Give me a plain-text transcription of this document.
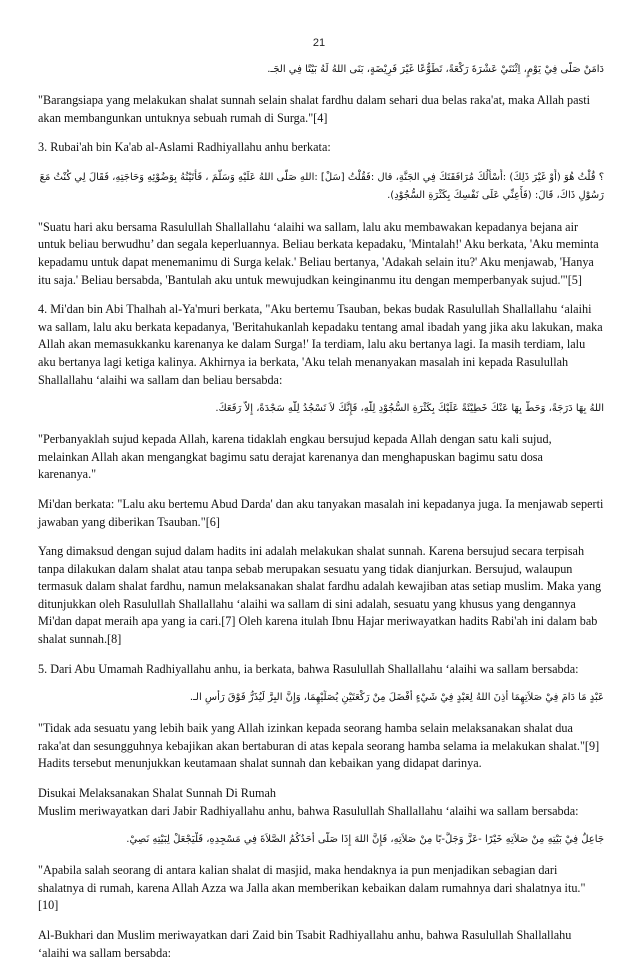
21
دَامَنْ صَلَّى فِيْ يَوْمٍ، اِثْنَتَيْ عَشْرَةَ رَكْعَةً، تَطَوُّعًا غَيْرَ فَرِيْضَةٍ، بَنَى اللهُ لَهُ بَيْتًا فِي الجَـ.

"Barangsiapa yang melakukan shalat sunnah selain shalat fardhu dalam sehari dua belas raka'at, maka Allah pasti akan membangunkan untuknya sebuah rumah di Surga."[4]

3. Rubai'ah bin Ka'ab al-Aslami Radhiyallahu anhu berkata:

؟ قُلْتُ هُوَ (أَوْ غَيْرَ ذَلِكَ) :أَسْأَلُكَ مُرَافَقَتَكَ فِي الجَنَّةِ، قال :فَقُلْتُ [سَلْ] :اللهِ صَلَّى اللهُ عَلَيْهِ وَسَلَّمَ ، فَأَتَيْتُهُ بِوَضُوْئِهِ وَحَاجَتِهِ، فَقَالَ لِي كُنْتُ مَعَ رَسُوْلِ ذَاكَ، قَالَ: (فَأَعِنِّي عَلَى نَفْسِكَ بِكَثْرَةِ السُّجُوْدِ).

"Suatu hari aku bersama Rasulullah Shallallahu ‘alaihi wa sallam, lalu aku membawakan kepadanya bejana air untuk beliau berwudhu’ dan segala keperluannya. Beliau berkata kepadaku, 'Mintalah!' Aku berkata, 'Aku meminta kepadamu untuk dapat menemanimu di Surga kelak.' Beliau bertanya, 'Adakah selain itu?' Aku menjawab, 'Hanya itu saja.' Beliau bersabda, 'Bantulah aku untuk mewujudkan keinginanmu itu dengan memperbanyak sujud.'"[5]

4. Mi'dan bin Abi Thalhah al-Ya'muri berkata, "Aku bertemu Tsauban, bekas budak Rasulullah Shallallahu ‘alaihi wa sallam, lalu aku berkata kepadanya, 'Beritahukanlah kepadaku tentang amal ibadah yang jika aku lakukan, maka Allah akan memasukkanku karenanya ke dalam Surga!' Ia terdiam, lalu aku bertanya lagi. Ia masih terdiam, lalu aku bertanya lagi ketiga kalinya. Akhirnya ia berkata, 'Aku telah menanyakan masalah ini kepada Rasulullah Shallallahu ‘alaihi wa sallam dan beliau bersabda:

اللهُ بِهَا دَرَجَةً، وَحَطَّ بِهَا عَنْكَ خَطِيْئَةً عَلَيْكَ بِكَثْرَةِ السُّجُوْدِ لِلّٰهِ، فَإِنَّكَ لاَ تَسْجُدُ لِلّٰهِ سَجْدَةً، إِلاَّ رَفَعَكَ.

"Perbanyaklah sujud kepada Allah, karena tidaklah engkau bersujud kepada Allah dengan satu kali sujud, melainkan Allah akan mengangkat bagimu satu derajat karenanya dan menghapuskan bagimu satu dosa karenanya."

Mi'dan berkata: "Lalu aku bertemu Abud Darda' dan aku tanyakan masalah ini kepadanya juga. Ia menjawab seperti jawaban yang diberikan Tsauban."[6]

Yang dimaksud dengan sujud dalam hadits ini adalah melakukan shalat sunnah. Karena bersujud secara terpisah tanpa dilakukan dalam shalat atau tanpa sebab merupakan sesuatu yang tidak dianjurkan. Bersujud, walaupun termasuk dalam shalat fardhu, namun melaksanakan shalat fardhu adalah kewajiban atas setiap muslim. Maka yang ditunjukkan oleh Rasulullah Shallallahu ‘alaihi wa sallam di sini adalah, sesuatu yang khusus yang dengannya Mi'dan dapat meraih apa yang ia cari.[7] Oleh karena itulah Ibnu Hajar meriwayatkan hadits Rabi'ah ini dalam bab shalat sunnah.[8]

5. Dari Abu Umamah Radhiyallahu anhu, ia berkata, bahwa Rasulullah Shallallahu ‘alaihi wa sallam bersabda:

عَبْدٍ مَا دَامَ فِيْ صَلاَتِهِمَا أَذِنَ اللهُ لِعَبْدٍ فِيْ شَيْءٍ أَفْضَلَ مِنْ رَكْعَتَيْنِ يُصَلِّيْهِمَا، وَإِنَّ البِرَّ لَيُذَرُّ فَوْقَ رَأْسِ الـ.

"Tidak ada sesuatu yang lebih baik yang Allah izinkan kepada seorang hamba selain melaksanakan shalat dua raka'at dan sesungguhnya kebajikan akan bertaburan di atas kepala seorang hamba selama ia melakukan shalat."[9]

Hadits tersebut menunjukkan keutamaan shalat sunnah dan kebaikan yang didapat darinya.

Disukai Melaksanakan Shalat Sunnah Di Rumah

Muslim meriwayatkan dari Jabir Radhiyallahu anhu, bahwa Rasulullah Shallallahu ‘alaihi wa sallam bersabda:

جَاعِلٌ فِيْ بَيْتِهِ مِنْ صَلاَتِهِ خَيْرًا -عَزَّ وَجَلَّ-بًا مِنْ صَلاَتِهِ، فَإِنَّ اللهَ إِذَا صَلَّى أَحَدُكُمُ الصَّلاَةَ فِي مَسْجِدِهِ، فَلْيَجْعَلْ لِبَيْتِهِ نَصِيْ.

"Apabila salah seorang di antara kalian shalat di masjid, maka hendaknya ia pun menjadikan sebagian dari shalatnya di rumah, karena Allah Azza wa Jalla akan memberikan kebaikan dalam rumahnya dari shalatnya itu."[10]

Al-Bukhari dan Muslim meriwayatkan dari Zaid bin Tsabit Radhiyallahu anhu, bahwa Rasulullah Shallallahu ‘alaihi wa sallam bersabda:
